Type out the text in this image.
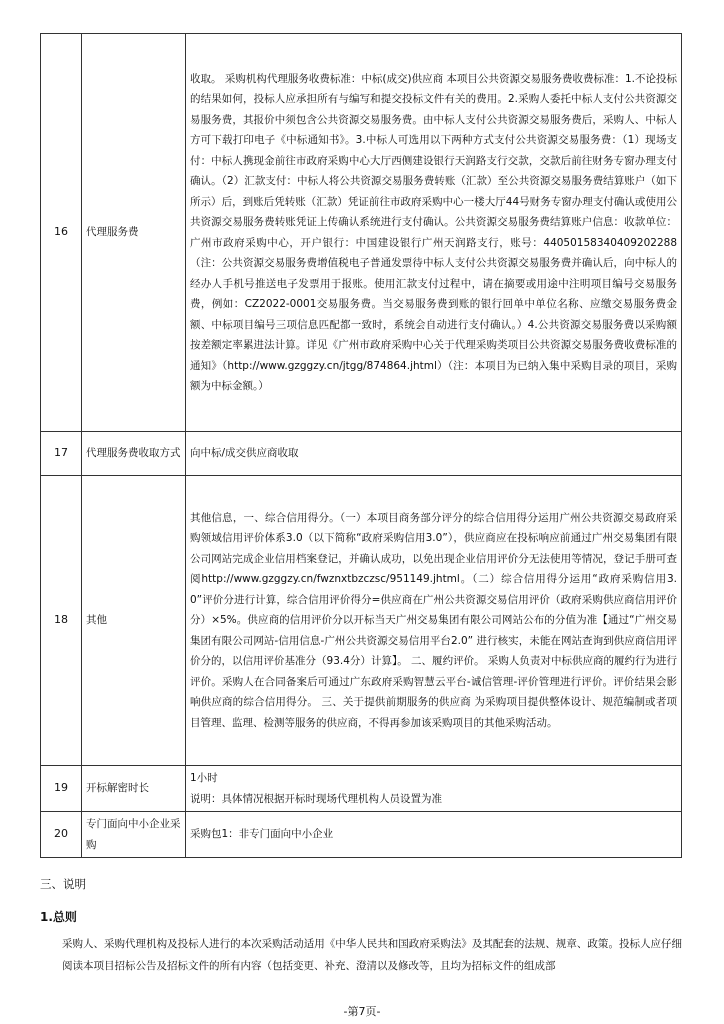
16	代理服务费	收取。 采购机构代理服务收费标准：中标(成交)供应商 本项目公共资源交易服务费收费标准：1.不论投标的结果如何，投标人应承担所有与编写和提交投标文件有关的费用。2.采购人委托中标人支付公共资源交易服务费，其报价中须包含公共资源交易服务费。由中标人支付公共资源交易服务费后，采购人、中标人方可下载打印电子《中标通知书》。3.中标人可选用以下两种方式支付公共资源交易服务费：（1）现场支付：中标人携现金前往市政府采购中心大厅西侧建设银行天润路支行交款，交款后前往财务专窗办理支付确认。（2）汇款支付：中标人将公共资源交易服务费转账（汇款）至公共资源交易服务费结算账户（如下所示）后，到账后凭转账（汇款）凭证前往市政府采购中心一楼大厅44号财务专窗办理支付确认或使用公共资源交易服务费转账凭证上传确认系统进行支付确认。公共资源交易服务费结算账户信息：收款单位：广州市政府采购中心，开户银行：中国建设银行广州天润路支行，账号：44050158340409202288（注：公共资源交易服务费增值税电子普通发票待中标人支付公共资源交易服务费并确认后，向中标人的经办人手机号推送电子发票用于报账。使用汇款支付过程中，请在摘要或用途中注明项目编号交易服务费，例如：CZ2022-0001交易服务费。当交易服务费到账的银行回单中单位名称、应缴交易服务费金额、中标项目编号三项信息匹配都一致时，系统会自动进行支付确认。）4.公共资源交易服务费以采购额按差额定率累进法计算。详见《广州市政府采购中心关于代理采购类项目公共资源交易服务费收费标准的通知》（http://www.gzggzy.cn/jtgg/874864.jhtml）（注：本项目为已纳入集中采购目录的项目，采购额为中标金额。）
17	代理服务费收取方式	向中标/成交供应商收取
18	其他	其他信息，一、综合信用得分。（一）本项目商务部分评分的综合信用得分运用广州公共资源交易政府采购领域信用评价体系3.0（以下简称“政府采购信用3.0”），供应商应在投标响应前通过广州交易集团有限公司网站完成企业信用档案登记，并确认成功，以免出现企业信用评价分无法使用等情况，登记手册可查阅http://www.gzggzy.cn/fwznxtbzczsc/951149.jhtml。（二）综合信用得分运用“政府采购信用3.0”评价分进行计算，综合信用评价得分=供应商在广州公共资源交易信用评价（政府采购供应商信用评价分）×5%。供应商的信用评价分以开标当天广州交易集团有限公司网站公布的分值为准【通过“广州交易集团有限公司网站-信用信息-广州公共资源交易信用平台2.0” 进行核实，未能在网站查询到供应商信用评价分的，以信用评价基准分（93.4分）计算】。 二、履约评价。 采购人负责对中标供应商的履约行为进行评价。采购人在合同备案后可通过广东政府采购智慧云平台-诚信管理-评价管理进行评价。评价结果会影响供应商的综合信用得分。 三、关于提供前期服务的供应商 为采购项目提供整体设计、规范编制或者项目管理、监理、检测等服务的供应商，不得再参加该采购项目的其他采购活动。
19	开标解密时长	1小时

说明：具体情况根据开标时现场代理机构人员设置为准

20	专门面向中小企业采购	采购包1：非专门面向中小企业

三、说明

1.总则

采购人、采购代理机构及投标人进行的本次采购活动适用《中华人民共和国政府采购法》及其配套的法规、规章、政策。投标人应仔细阅读本项目招标公告及招标文件的所有内容（包括变更、补充、澄清以及修改等，且均为招标文件的组成部

-第7页-
